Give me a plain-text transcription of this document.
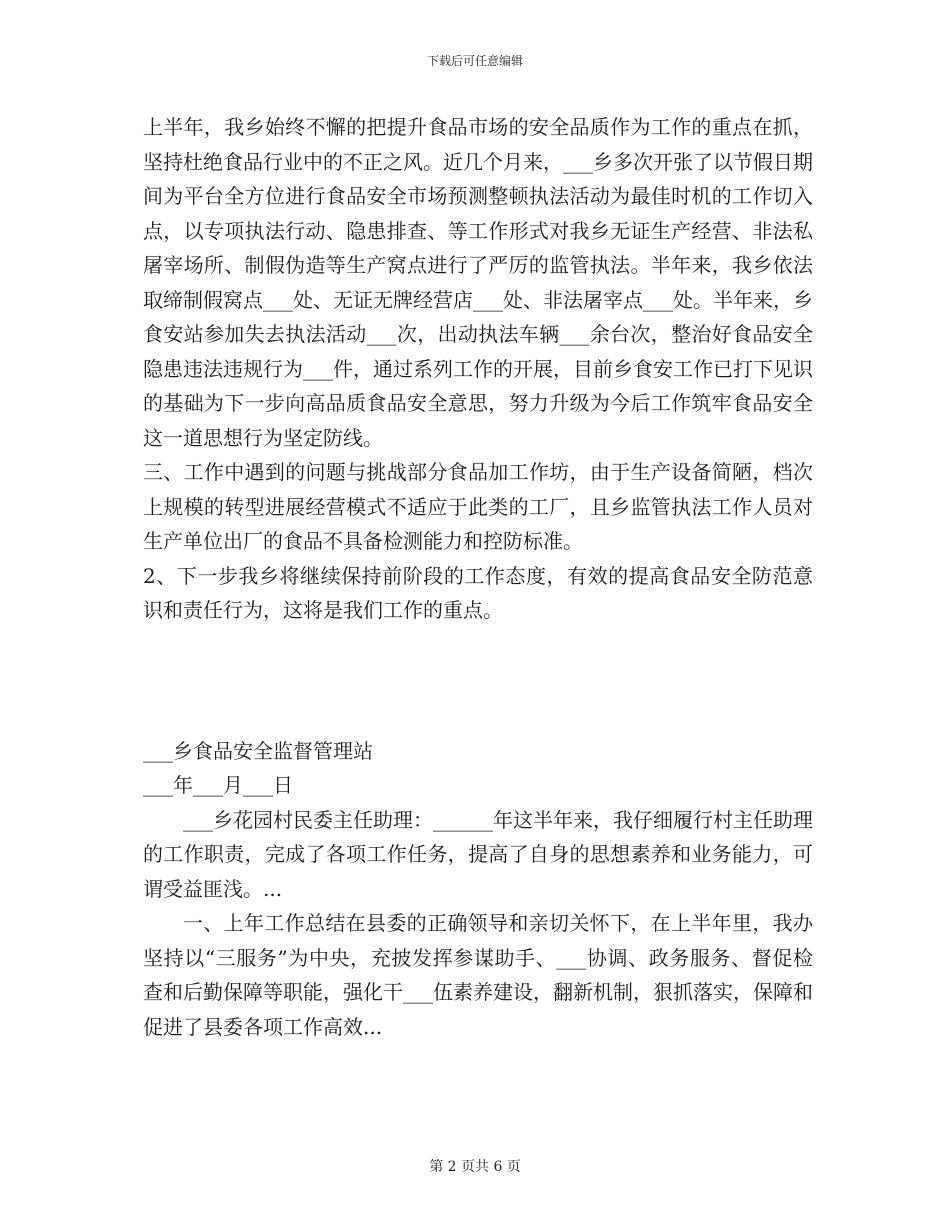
下载后可任意编辑

上半年，我乡始终不懈的把提升食品市场的安全品质作为工作的重点在抓，坚持杜绝食品行业中的不正之风。近几个月来，___乡多次开张了以节假日期间为平台全方位进行食品安全市场预测整顿执法活动为最佳时机的工作切入点，以专项执法行动、隐患排查、等工作形式对我乡无证生产经营、非法私屠宰场所、制假伪造等生产窝点进行了严厉的监管执法。半年来，我乡依法取缔制假窝点___处、无证无牌经营店___处、非法屠宰点___处。半年来，乡食安站参加失去执法活动___次，出动执法车辆___余台次，整治好食品安全隐患违法违规行为___件，通过系列工作的开展，目前乡食安工作已打下见识的基础为下一步向高品质食品安全意思，努力升级为今后工作筑牢食品安全这一道思想行为坚定防线。

三、工作中遇到的问题与挑战部分食品加工作坊，由于生产设备简陋，档次上规模的转型进展经营模式不适应于此类的工厂，且乡监管执法工作人员对生产单位出厂的食品不具备检测能力和控防标准。

2、下一步我乡将继续保持前阶段的工作态度，有效的提高食品安全防范意识和责任行为，这将是我们工作的重点。

___乡食品安全监督管理站

___年___月___日

___乡花园村民委主任助理：______年这半年来，我仔细履行村主任助理的工作职责，完成了各项工作任务，提高了自身的思想素养和业务能力，可谓受益匪浅。...

一、上年工作总结在县委的正确领导和亲切关怀下，在上半年里，我办坚持以“三服务”为中央，充披发挥参谋助手、___协调、政务服务、督促检查和后勤保障等职能，强化干___伍素养建设，翻新机制，狠抓落实，保障和促进了县委各项工作高效...

第 2 页共 6 页
